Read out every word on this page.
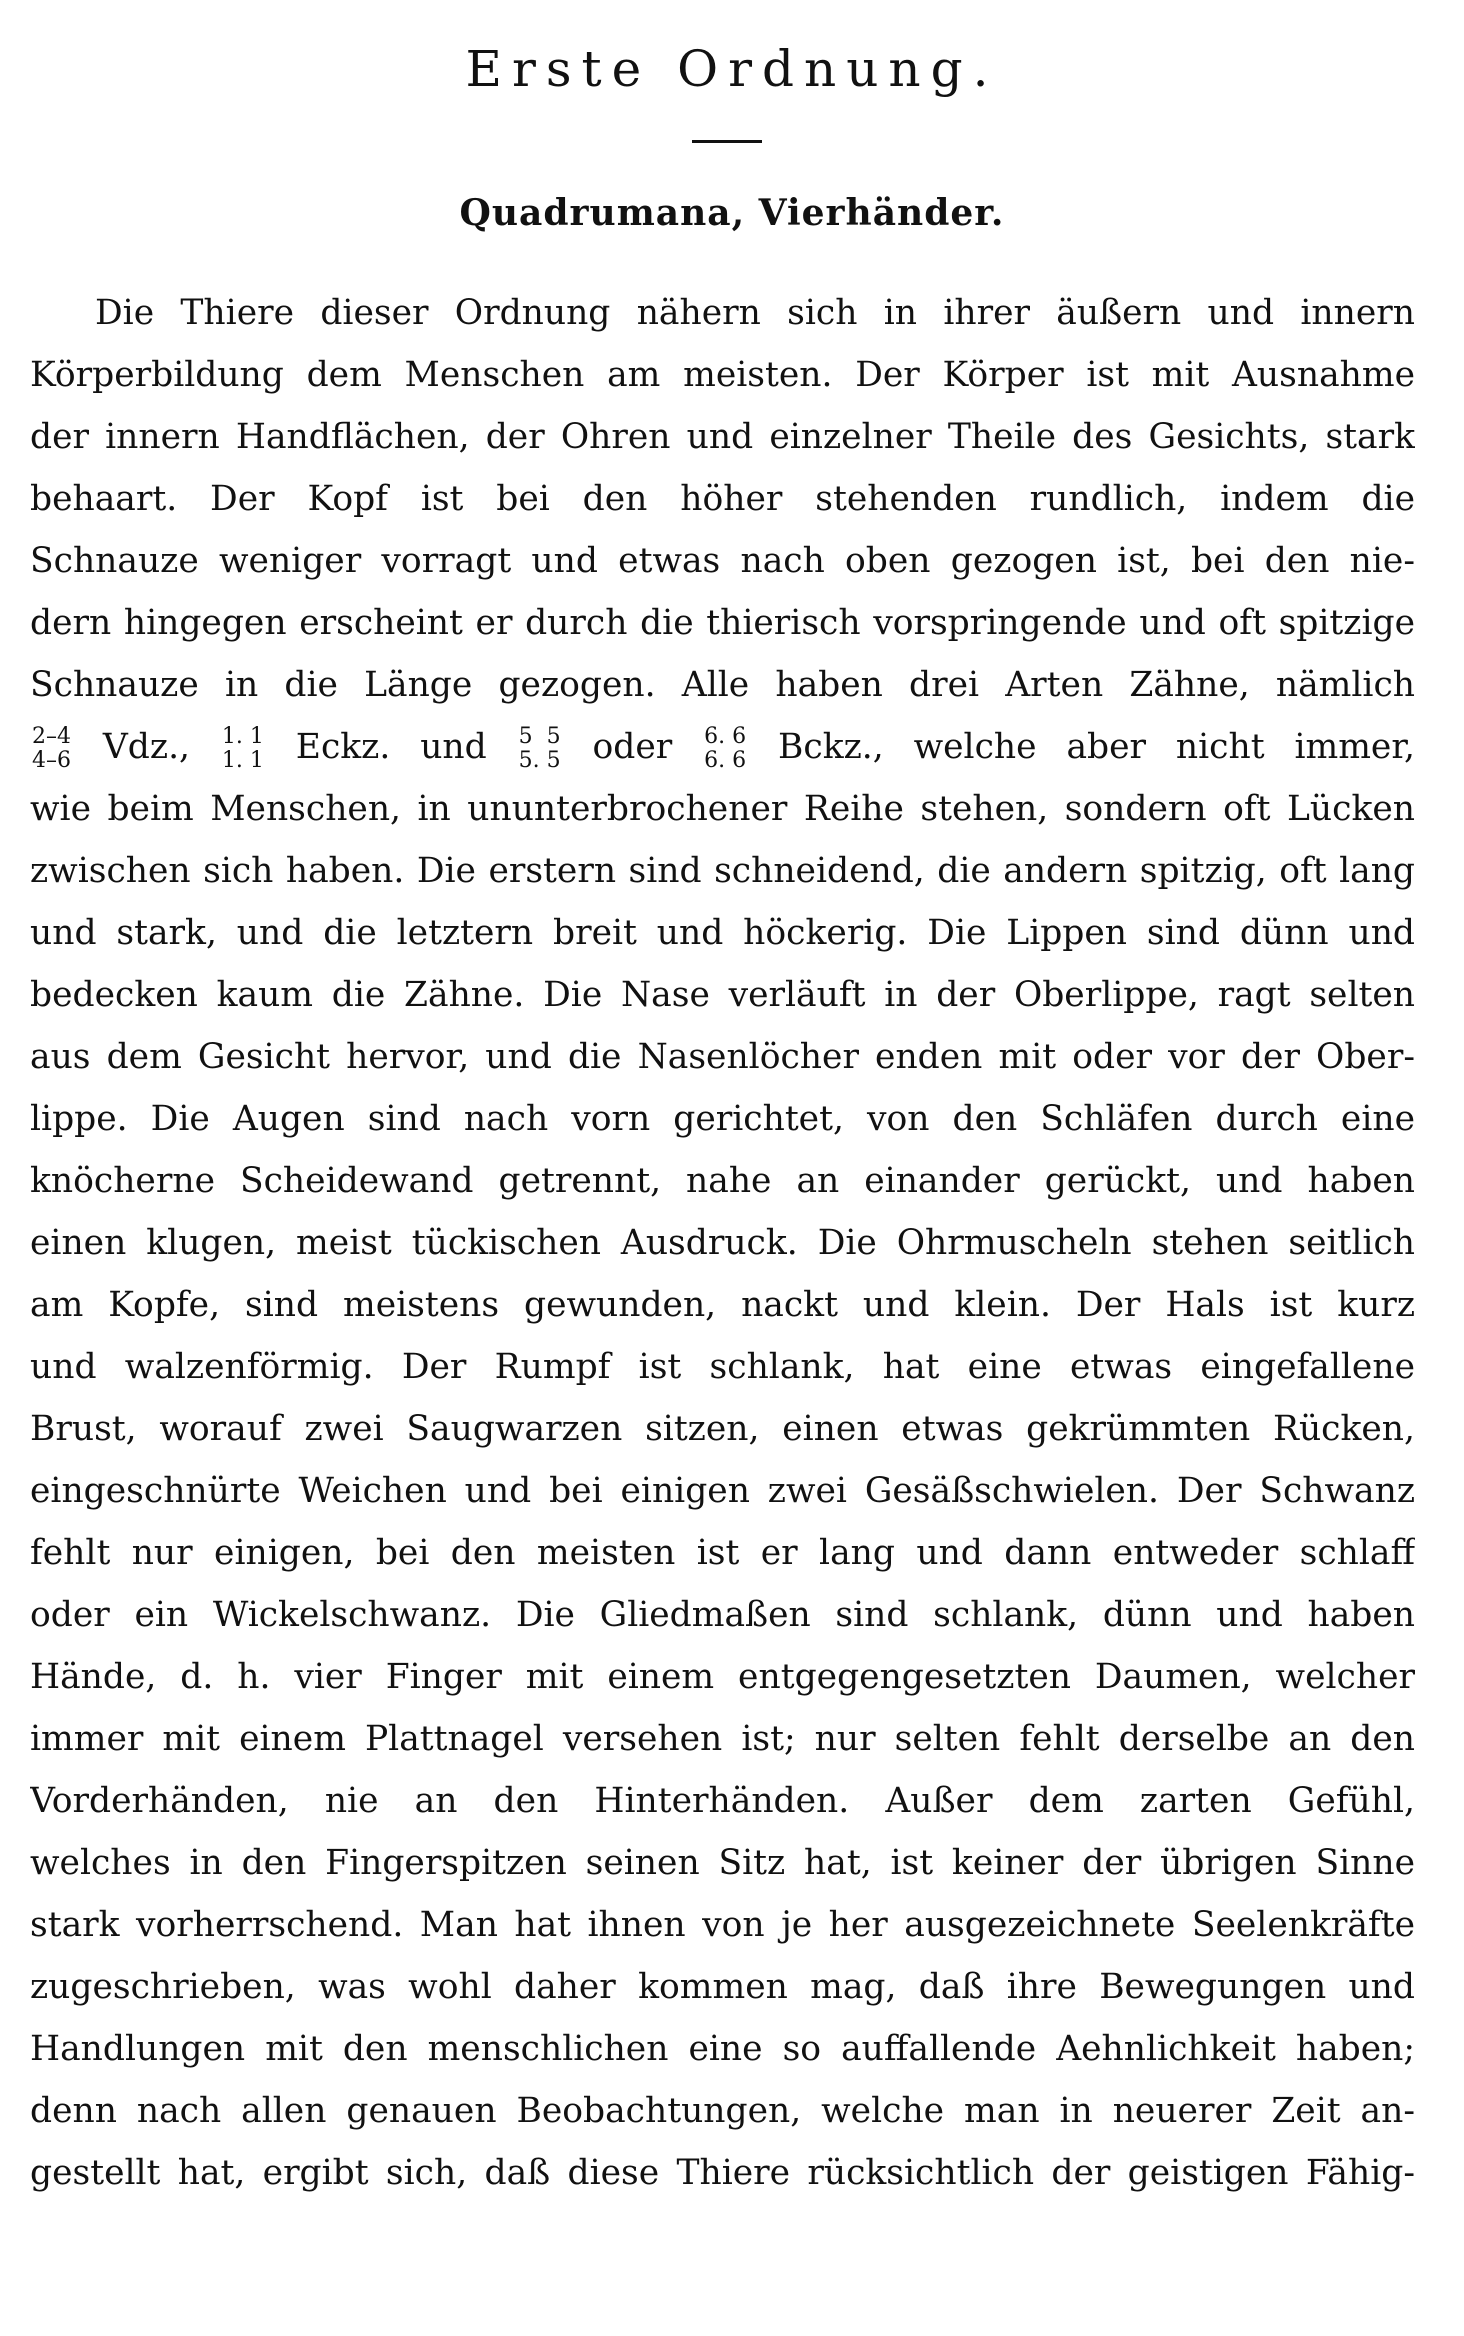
Erste Ordnung.
Quadrumana, Vierhänder.

Die Thiere dieser Ordnung nähern sich in ihrer äußern und innern

Körperbildung dem Menschen am meisten. Der Körper ist mit Ausnahme

der innern Handflächen, der Ohren und einzelner Theile des Gesichts, stark

behaart. Der Kopf ist bei den höher stehenden rundlich, indem die

Schnauze weniger vorragt und etwas nach oben gezogen ist, bei den nie-

dern hingegen erscheint er durch die thierisch vorspringende und oft spitzige

Schnauze in die Länge gezogen. Alle haben drei Arten Zähne, nämlich

2–4
4–6 Vdz., 1. 1
1. 1 Eckz. und 5 5
5. 5 oder 6. 6
6. 6 Bckz., welche aber nicht immer,

wie beim Menschen, in ununterbrochener Reihe stehen, sondern oft Lücken

zwischen sich haben. Die erstern sind schneidend, die andern spitzig, oft lang

und stark, und die letztern breit und höckerig. Die Lippen sind dünn und

bedecken kaum die Zähne. Die Nase verläuft in der Oberlippe, ragt selten

aus dem Gesicht hervor, und die Nasenlöcher enden mit oder vor der Ober-

lippe. Die Augen sind nach vorn gerichtet, von den Schläfen durch eine

knöcherne Scheidewand getrennt, nahe an einander gerückt, und haben

einen klugen, meist tückischen Ausdruck. Die Ohrmuscheln stehen seitlich

am Kopfe, sind meistens gewunden, nackt und klein. Der Hals ist kurz

und walzenförmig. Der Rumpf ist schlank, hat eine etwas eingefallene

Brust, worauf zwei Saugwarzen sitzen, einen etwas gekrümmten Rücken,

eingeschnürte Weichen und bei einigen zwei Gesäßschwielen. Der Schwanz

fehlt nur einigen, bei den meisten ist er lang und dann entweder schlaff

oder ein Wickelschwanz. Die Gliedmaßen sind schlank, dünn und haben

Hände, d. h. vier Finger mit einem entgegengesetzten Daumen, welcher

immer mit einem Plattnagel versehen ist; nur selten fehlt derselbe an den

Vorderhänden, nie an den Hinterhänden. Außer dem zarten Gefühl,

welches in den Fingerspitzen seinen Sitz hat, ist keiner der übrigen Sinne

stark vorherrschend. Man hat ihnen von je her ausgezeichnete Seelenkräfte

zugeschrieben, was wohl daher kommen mag, daß ihre Bewegungen und

Handlungen mit den menschlichen eine so auffallende Aehnlichkeit haben;

denn nach allen genauen Beobachtungen, welche man in neuerer Zeit an-

gestellt hat, ergibt sich, daß diese Thiere rücksichtlich der geistigen Fähig-
